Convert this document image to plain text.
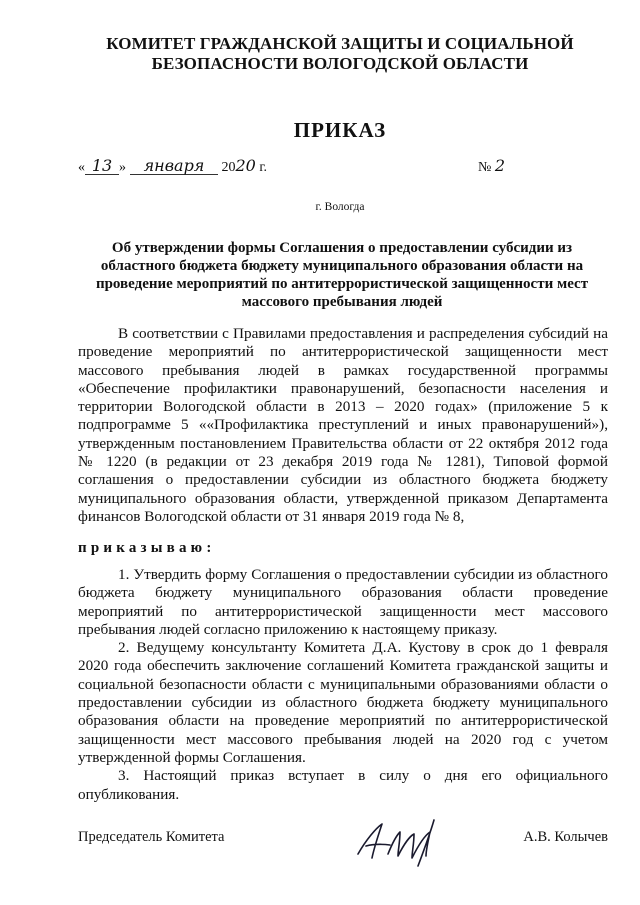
КОМИТЕТ ГРАЖДАНСКОЙ ЗАЩИТЫ И СОЦИАЛЬНОЙ
БЕЗОПАСНОСТИ ВОЛОГОДСКОЙ ОБЛАСТИ
ПРИКАЗ
« 13 » января 2020 г.	№ 2
г. Вологда
Об утверждении формы Соглашения о предоставлении субсидии из областного бюджета бюджету муниципального образования области на проведение мероприятий по антитеррористической защищенности мест массового пребывания людей
В соответствии с Правилами предоставления и распределения субсидий на проведение мероприятий по антитеррористической защищенности мест массового пребывания людей в рамках государственной программы «Обеспечение профилактики правонарушений, безопасности населения и территории Вологодской области в 2013 – 2020 годах» (приложение 5 к подпрограмме 5 ««Профилактика преступлений и иных правонарушений»), утвержденным постановлением Правительства области от 22 октября 2012 года № 1220 (в редакции от 23 декабря 2019 года № 1281), Типовой формой соглашения о предоставлении субсидии из областного бюджета бюджету муниципального образования области, утвержденной приказом Департамента финансов Вологодской области от 31 января 2019 года № 8,
приказываю:

1. Утвердить форму Соглашения о предоставлении субсидии из областного бюджета бюджету муниципального образования области проведение мероприятий по антитеррористической защищенности мест массового пребывания людей согласно приложению к настоящему приказу.

2. Ведущему консультанту Комитета Д.А. Кустову в срок до 1 февраля 2020 года обеспечить заключение соглашений Комитета гражданской защиты и социальной безопасности области с муниципальными образованиями области о предоставлении субсидии из областного бюджета бюджету муниципального образования области на проведение мероприятий по антитеррористической защищенности мест массового пребывания людей на 2020 год с учетом утвержденной формы Соглашения.

3. Настоящий приказ вступает в силу о дня его официального опубликования.

Председатель Комитета	А.В. Колычев
